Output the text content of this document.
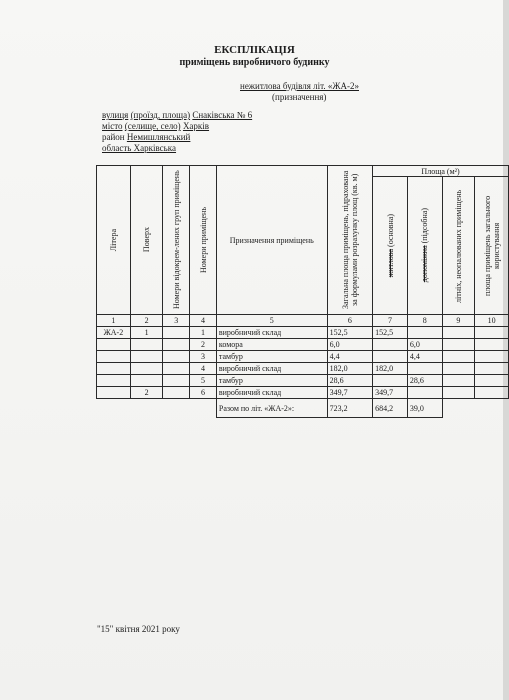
ЕКСПЛІКАЦІЯ
приміщень виробничого будинку
нежитлова будівля літ. «ЖА-2»
(призначення)
вулиця (проїзд, площа) Снаківська № 6
місто (селище, село) Харків
район Немишлянський
область Харківська
Літера	Поверх	Номери відокрем-лених груп приміщень	Номери приміщень	Призначення приміщень	Загальна площа приміщень, підрахована за формулами розрахунку площ (кв. м)	Площа (м²)			

						житлова (основна)	допоміжна (підсобна)	літніх, неопалюваних приміщень	площа приміщень загального користування

1	2	3	4	5	6	7	8	9	10
ЖА-2	1		1	виробничий склад	152,5	152,5			
			2	комора	6,0		6,0		
			3	тамбур	4,4		4,4		
			4	виробничий склад	182,0	182,0			
			5	тамбур	28,6		28,6		
	2		6	виробничий склад	349,7	349,7			
				Разом по літ. «ЖА-2»:	723,2	684,2	39,0		
"15" квітня 2021 року
